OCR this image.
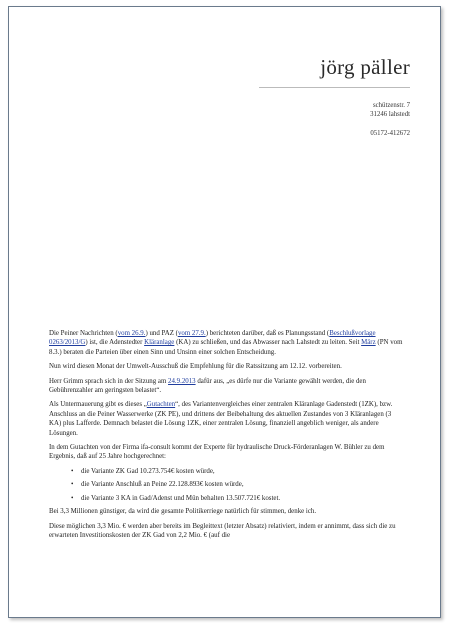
jörg päller
schützenstr. 7
31246 lahstedt
05172-412672

Die Peiner Nachrichten (vom 26.9.) und PAZ (vom 27.9.) berichteten darüber, daß es Planungsstand (Beschlußvorlage 0263/2013/G) ist, die Adenstedter Kläranlage (KA) zu schließen, und das Abwasser nach Lahstedt zu leiten. Seit März (PN vom 8.3.) beraten die Parteien über einen Sinn und Unsinn einer solchen Entscheidung.

Nun wird diesen Monat der Umwelt-Ausschuß die Empfehlung für die Ratssitzung am 12.12. vorbereiten.

Herr Grimm sprach sich in der Sitzung am 24.9.2013 dafür aus, „es dürfe nur die Variante gewählt werden, die den Gebührenzahler am geringsten belastet“.

Als Untermauerung gibt es dieses „Gutachten“, des Variantenvergleiches einer zentralen Kläranlage Gadenstedt (1ZK), bzw. Anschluss an die Peiner Wasserwerke (ZK PE), und drittens der Beibehaltung des aktuellen Zustandes von 3 Kläranlagen (3 KA) plus Lafferde. Demnach belastet die Lösung 1ZK, einer zentralen Lösung, finanziell angeblich weniger, als andere Lösungen.

In dem Gutachten von der Firma ifa-consult kommt der Experte für hydraulische Druck-Förderanlagen W. Bühler zu dem Ergebnis, daß auf 25 Jahre hochgerechnet:

• die Variante ZK Gad 10.273.754€ kosten würde,
• die Variante Anschluß an Peine 22.128.893€ kosten würde,
• die Variante 3 KA in Gad/Adenst und Mün behalten 13.507.721€ kostet.

Bei 3,3 Millionen günstiger, da wird die gesamte Politikerriege natürlich für stimmen, denke ich.

Diese möglichen 3,3 Mio. € werden aber bereits im Begleittext (letzter Absatz) relativiert, indem er annimmt, dass sich die zu erwarteten Investitionskosten der ZK Gad von 2,2 Mio. € (auf die
